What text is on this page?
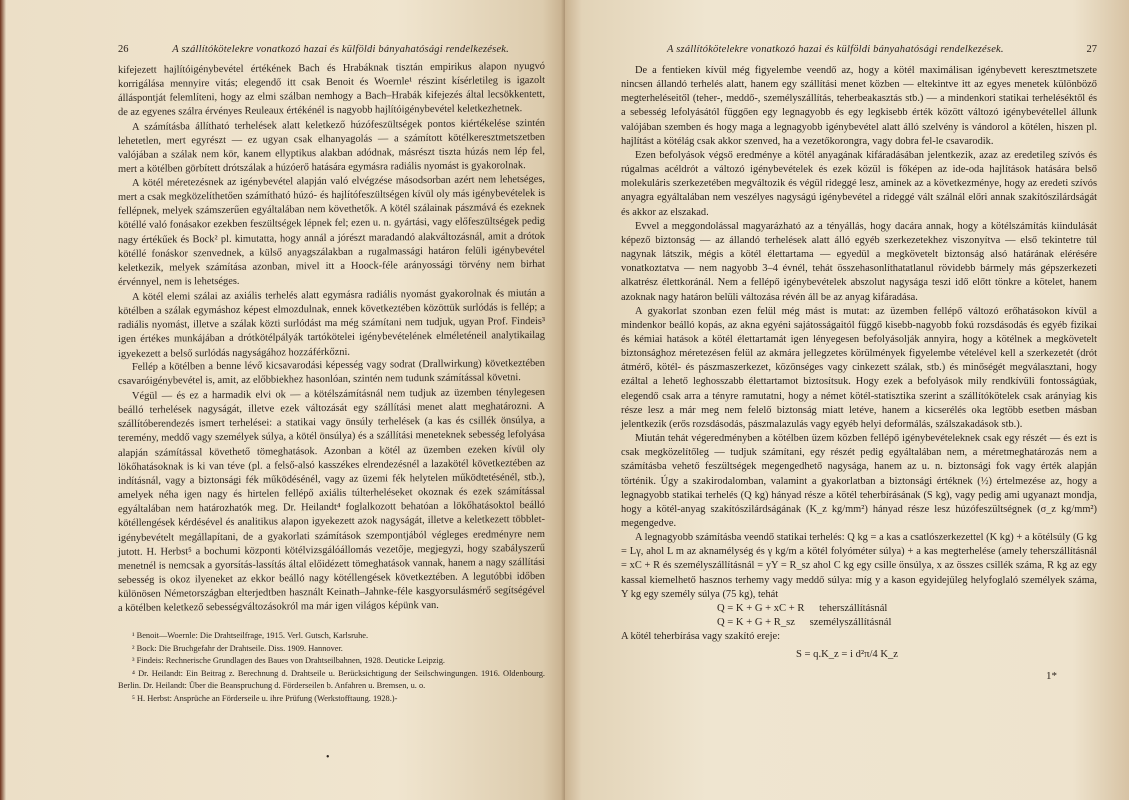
26	A szállítókötelekre vonatkozó hazai és külföldi bányahatósági rendelkezések.

kifejezett hajlítóigénybevétel értékének Bach és Hrabáknak tisztán empirikus alapon nyugvó korrigálása mennyire vitás; elegendő itt csak Benoit és Woernle¹ részint kísérletileg is igazolt álláspontját felemlíteni, hogy az elmi szálban nemhogy a Bach–Hrabák kifejezés által lecsökkentett, de az egyenes szálra érvényes Reuleaux értékénél is nagyobb hajlítóigénybevétel keletkezhetnek.

A számításba állítható terhelések alatt keletkező húzófeszültségek pontos kiértékelése szintén lehetetlen, mert egyrészt — ez ugyan csak elhanyagolás — a számított kötélkeresztmetszetben valójában a szálak nem kör, kanem ellyptikus alakban adódnak, másrészt tiszta húzás nem lép fel, mert a kötélben görbített drótszálak a húzóerő hatására egymásra radiális nyomást is gyakorolnak.

A kötél méretezésnek az igénybevétel alapján való elvégzése másodsorban azért nem lehetséges, mert a csak megközelíthetően számítható húzó- és hajlítófeszültségen kívül oly más igénybevételek is fellépnek, melyek számszerűen egyáltalában nem követhetők. A kötél szálainak pászmává és ezeknek kötéllé való fonásakor ezekben feszültségek lépnek fel; ezen u. n. gyártási, vagy előfeszültségek pedig nagy értékűek és Bock² pl. kimutatta, hogy annál a jórészt maradandó alakváltozásnál, amit a drótok kötéllé fonáskor szenvednek, a külső anyagszálakban a rugalmassági határon felüli igénybevétel keletkezik, melyek számítása azonban, mivel itt a Hoock-féle arányossági törvény nem birhat érvénnyel, nem is lehetséges.

A kötél elemi szálai az axiális terhelés alatt egymásra radiális nyomást gyakorolnak és miután a kötélben a szálak egymáshoz képest elmozdulnak, ennek következtében közöttük surlódás is fellép; a radiális nyomást, illetve a szálak közti surlódást ma még számítani nem tudjuk, ugyan Prof. Findeis³ igen értékes munkájában a drótkötélpályák tartókötelei igénybevételének elméleténeil analytikailag igyekezett a belső surlódás nagyságához hozzáférkőzni.

Fellép a kötélben a benne lévő kicsavarodási képesség vagy sodrat (Drallwirkung) következtében csavaróigénybevétel is, amit, az előbbiekhez hasonlóan, szintén nem tudunk számítással követni.

Végül — és ez a harmadik elvi ok — a kötélszámításnál nem tudjuk az üzemben ténylegesen beálló terhelések nagyságát, illetve ezek változását egy szállítási menet alatt meghatározni. A szállítóberendezés ismert terhelései: a statikai vagy önsúly terhelések (a kas és csillék önsúlya, a teremény, meddő vagy személyek súlya, a kötél önsúlya) és a szállítási meneteknek sebesség lefolyása alapján számítással követhető tömeghatások. Azonban a kötél az üzemben ezeken kívül oly lökőhatásoknak is ki van téve (pl. a felső-alsó kasszékes elrendezésnél a lazakötél következtében az indításnál, vagy a biztonsági fék működésénél, vagy az üzemi fék helytelen működtetésénél, stb.), amelyek néha igen nagy és hirtelen fellépő axiális túlterheléseket okoznak és ezek számítással egyáltalában nem határozhatók meg. Dr. Heilandt⁴ foglalkozott behatóan a lökőhatásoktol beálló kötéllengések kérdésével és analitikus alapon igyekezett azok nagyságát, illetve a keletkezett többlet-igénybevételt megállapítani, de a gyakorlati számítások szempontjából végleges eredményre nem jutott. H. Herbst⁵ a bochumi központi kötélvizsgálóállomás vezetője, megjegyzi, hogy szabályszerű menetnél is nemcsak a gyorsítás-lassítás által előidézett tömeghatások vannak, hanem a nagy szállítási sebesség is okoz ilyeneket az ekkor beálló nagy kötéllengések következtében. A legutóbbi időben különösen Németországban elterjedtben használt Keinath–Jahnke-féle kasgyorsulásmérő segítségével a kötélben keletkező sebességváltozásokról ma már igen világos képünk van.

¹ Benoit—Woernle: Die Drahtseilfrage, 1915. Verl. Gutsch, Karlsruhe.

² Bock: Die Bruchgefahr der Drahtseile. Diss. 1909. Hannover.

³ Findeis: Rechnerische Grundlagen des Baues von Drahtseilbahnen, 1928. Deuticke Leipzig.

⁴ Dr. Heilandt: Ein Beitrag z. Berechnung d. Drahtseile u. Berücksichtigung der Seilschwingungen. 1916. Oldenbourg. Berlin. Dr. Heilandt: Über die Beanspruchung d. Förderseilen b. Anfahren u. Bremsen, u. o.

⁵ H. Herbst: Ansprüche an Förderseile u. ihre Prüfung (Werkstofftaung. 1928.)-

•
A szállítókötelekre vonatkozó hazai és külföldi bányahatósági rendelkezések.	27

De a fentieken kívül még figyelembe veendő az, hogy a kötél maximálisan igénybevett keresztmetszete nincsen állandó terhelés alatt, hanem egy szállítási menet közben — eltekintve itt az egyes menetek különböző megterheléseitől (teher-, meddő-, személyszállítás, teherbeakasztás stb.) — a mindenkori statikai terheléséktől és a sebesség lefolyásától függően egy legnagyobb és egy legkisebb érték között változó igénybevétellel állunk valójában szemben és hogy maga a legnagyobb igénybevétel alatt álló szelvény is vándorol a kötélen, hiszen pl. hajlítást a kötélág csak akkor szenved, ha a vezetőkorongra, vagy dobra fel-le csavarodik.

Ezen befolyások végső eredménye a kötél anyagának kifáradásában jelentkezik, azaz az eredetileg szívós és rúgalmas acéldrót a változó igénybevételek és ezek közül is főképen az ide-oda hajlítások hatására belső molekuláris szerkezetében megváltozik és végül rideggé lesz, aminek az a következménye, hogy az eredeti szívós anyagra egyáltalában nem veszélyes nagyságú igénybevétel a rideggé vált szálnál előri annak szakítószilárdságát és akkor az elszakad.

Evvel a meggondolással magyarázható az a tényállás, hogy dacára annak, hogy a kötélszámítás kiindulását képező biztonság — az állandó terhelések alatt álló egyéb szerkezetekhez viszonyítva — első tekintetre túl nagynak látszik, mégis a kötél élettartama — egyedül a megkövetelt biztonság alsó határának elérésére vonatkoztatva — nem nagyobb 3–4 évnél, tehát összehasonlíthatatlanul rövidebb bármely más gépszerkezeti alkatrész élettkoránál. Nem a fellépő igénybevételek abszolut nagysága teszi idő előtt tönkre a kötelet, hanem azoknak nagy határon belüli változása révén áll be az anyag kifáradása.

A gyakorlat szonban ezen felül még mást is mutat: az üzemben fellépő változó erőhatásokon kívül a mindenkor beálló kopás, az akna egyéni sajátosságaitól függő kisebb-nagyobb fokú rozsdásodás és egyéb fizikai és kémiai hatások a kötél élettartamát igen lényegesen befolyásolják annyira, hogy a kötélnek a megkövetelt biztonsághoz méretezésen felül az akmára jellegzetes körülmények figyelembe vételével kell a szerkezetét (drót átmérő, kötél- és pászmaszerkezet, közönséges vagy cinkezett szálak, stb.) és minőségét megválasztani, hogy ezáltal a lehető leghosszabb élettartamot biztosítsuk. Hogy ezek a befolyások mily rendkívüli fontosságúak, elegendő csak arra a tényre ramutatni, hogy a német kötél-statisztika szerint a szállítókötelek csak arányiag kis része lesz a már meg nem felelő biztonság miatt letéve, hanem a kicserélés oka legtöbb esetben másban jelentkezik (erős rozsdásodás, pászmalazulás vagy egyéb helyi deformálás, szálszakadások stb.).

Miután tehát végeredményben a kötélben üzem közben fellépő igénybevételeknek csak egy részét — és ezt is csak megközelítőleg — tudjuk számítani, egy részét pedig egyáltalában nem, a méretmeghatározás nem a számításba vehető feszültségek megengedhető nagysága, hanem az u. n. biztonsági fok vagy érték alapján történik. Úgy a szakirodalomban, valamint a gyakorlatban a biztonsági értéknek (½) értelmezése az, hogy a legnagyobb statikai terhelés (Q kg) hányad része a kötél teherbírásának (S kg), vagy pedig ami ugyanazt mondja, hogy a kötél-anyag szakítószilárdságának (K_z kg/mm²) hányad része lesz húzófeszültségnek (σ_z kg/mm²) megengedve.

A legnagyobb számításba veendő statikai terhelés: Q kg = a kas a csatlószerkezettel (K kg) + a kötélsúly (G kg = Lγ, ahol L m az aknamélység és γ kg/m a kötél folyóméter súlya) + a kas megterhelése (amely teherszállításnál = xC + R és személyszállításnál = yY = R_sz ahol C kg egy csille önsúlya, x az összes csillék száma, R kg az egy kassal kiemelhető hasznos terhemy vagy meddő súlya: míg y a kason egyidejűleg helyfoglaló személyek száma, Y kg egy személy súlya (75 kg), tehát

Q = K + G + xC + R teherszállításnál
Q = K + G + R_sz személyszállításnál

A kötél teherbírása vagy szakító ereje:

S = q.K_z = i d²π/4 K_z
1*
